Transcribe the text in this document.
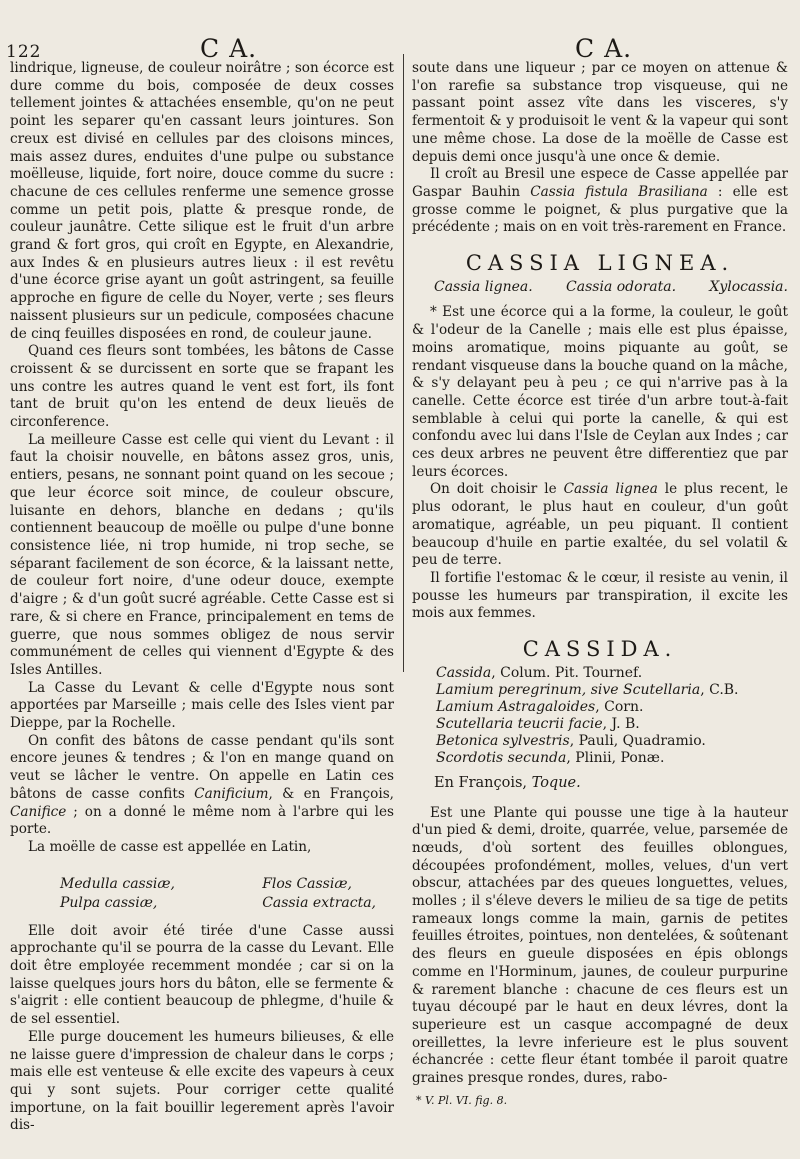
122	C A.	C A.

lindrique, ligneuse, de couleur noirâtre ; son écorce est dure comme du bois, composée de deux cosses tellement jointes & attachées ensemble, qu'on ne peut point les separer qu'en cassant leurs jointures. Son creux est divisé en cellules par des cloisons minces, mais assez dures, enduites d'une pulpe ou substance moëlleuse, liquide, fort noire, douce comme du sucre : chacune de ces cellules renferme une semence grosse comme un petit pois, platte & presque ronde, de couleur jaunâtre. Cette silique est le fruit d'un arbre grand & fort gros, qui croît en Egypte, en Alexandrie, aux Indes & en plusieurs autres lieux : il est revêtu d'une écorce grise ayant un goût astringent, sa feuille approche en figure de celle du Noyer, verte ; ses fleurs naissent plusieurs sur un pedicule, composées chacune de cinq feuilles disposées en rond, de couleur jaune.

Quand ces fleurs sont tombées, les bâtons de Casse croissent & se durcissent en sorte que se frapant les uns contre les autres quand le vent est fort, ils font tant de bruit qu'on les entend de deux lieuës de circonference.

La meilleure Casse est celle qui vient du Levant : il faut la choisir nouvelle, en bâtons assez gros, unis, entiers, pesans, ne sonnant point quand on les secoue ; que leur écorce soit mince, de couleur obscure, luisante en dehors, blanche en dedans ; qu'ils contiennent beaucoup de moëlle ou pulpe d'une bonne consistence liée, ni trop humide, ni trop seche, se séparant facilement de son écorce, & la laissant nette, de couleur fort noire, d'une odeur douce, exempte d'aigre ; & d'un goût sucré agréable. Cette Casse est si rare, & si chere en France, principalement en tems de guerre, que nous sommes obligez de nous servir communément de celles qui viennent d'Egypte & des Isles Antilles.

La Casse du Levant & celle d'Egypte nous sont apportées par Marseille ; mais celle des Isles vient par Dieppe, par la Rochelle.

On confit des bâtons de casse pendant qu'ils sont encore jeunes & tendres ; & l'on en mange quand on veut se lâcher le ventre. On appelle en Latin ces bâtons de casse confits Canificium, & en François, Canifice ; on a donné le même nom à l'arbre qui les porte.

La moëlle de casse est appellée en Latin,

Medulla cassiæ,
Pulpa cassiæ,
Flos Cassiæ,
Cassia extracta,

Elle doit avoir été tirée d'une Casse aussi approchante qu'il se pourra de la casse du Levant. Elle doit être employée recemment mondée ; car si on la laisse quelques jours hors du bâton, elle se fermente & s'aigrit : elle contient beaucoup de phlegme, d'huile & de sel essentiel.

Elle purge doucement les humeurs bilieuses, & elle ne laisse guere d'impression de chaleur dans le corps ; mais elle est venteuse & elle excite des vapeurs à ceux qui y sont sujets. Pour corriger cette qualité importune, on la fait bouillir legerement après l'avoir dis-

soute dans une liqueur ; par ce moyen on attenue & l'on rarefie sa substance trop visqueuse, qui ne passant point assez vîte dans les visceres, s'y fermentoit & y produisoit le vent & la vapeur qui sont une même chose. La dose de la moëlle de Casse est depuis demi once jusqu'à une once & demie.

Il croît au Bresil une espece de Casse appellée par Gaspar Bauhin Cassia fistula Brasiliana : elle est grosse comme le poignet, & plus purgative que la précédente ; mais on en voit très-rarement en France.

CASSIA LIGNEA.
Cassia lignea. Cassia odorata. Xylocassia.

* Est une écorce qui a la forme, la couleur, le goût & l'odeur de la Canelle ; mais elle est plus épaisse, moins aromatique, moins piquante au goût, se rendant visqueuse dans la bouche quand on la mâche, & s'y delayant peu à peu ; ce qui n'arrive pas à la canelle. Cette écorce est tirée d'un arbre tout-à-fait semblable à celui qui porte la canelle, & qui est confondu avec lui dans l'Isle de Ceylan aux Indes ; car ces deux arbres ne peuvent être differentiez que par leurs écorces.

On doit choisir le Cassia lignea le plus recent, le plus odorant, le plus haut en couleur, d'un goût aromatique, agréable, un peu piquant. Il contient beaucoup d'huile en partie exaltée, du sel volatil & peu de terre.

Il fortifie l'estomac & le cœur, il resiste au venin, il pousse les humeurs par transpiration, il excite les mois aux femmes.

CASSIDA.
Cassida, Colum. Pit. Tournef.
Lamium peregrinum, sive Scutellaria, C.B.
Lamium Astragaloides, Corn.
Scutellaria teucrii facie, J. B.
Betonica sylvestris, Pauli, Quadramio.
Scordotis secunda, Plinii, Ponæ.
En François, Toque.

Est une Plante qui pousse une tige à la hauteur d'un pied & demi, droite, quarrée, velue, parsemée de nœuds, d'où sortent des feuilles oblongues, découpées profondément, molles, velues, d'un vert obscur, attachées par des queues longuettes, velues, molles ; il s'éleve devers le milieu de sa tige de petits rameaux longs comme la main, garnis de petites feuilles étroites, pointues, non dentelées, & soûtenant des fleurs en gueule disposées en épis oblongs comme en l'Horminum, jaunes, de couleur purpurine & rarement blanche : chacune de ces fleurs est un tuyau découpé par le haut en deux lévres, dont la superieure est un casque accompagné de deux oreillettes, la levre inferieure est le plus souvent échancrée : cette fleur étant tombée il paroit quatre graines presque rondes, dures, rabo-

* V. Pl. VI. fig. 8.
